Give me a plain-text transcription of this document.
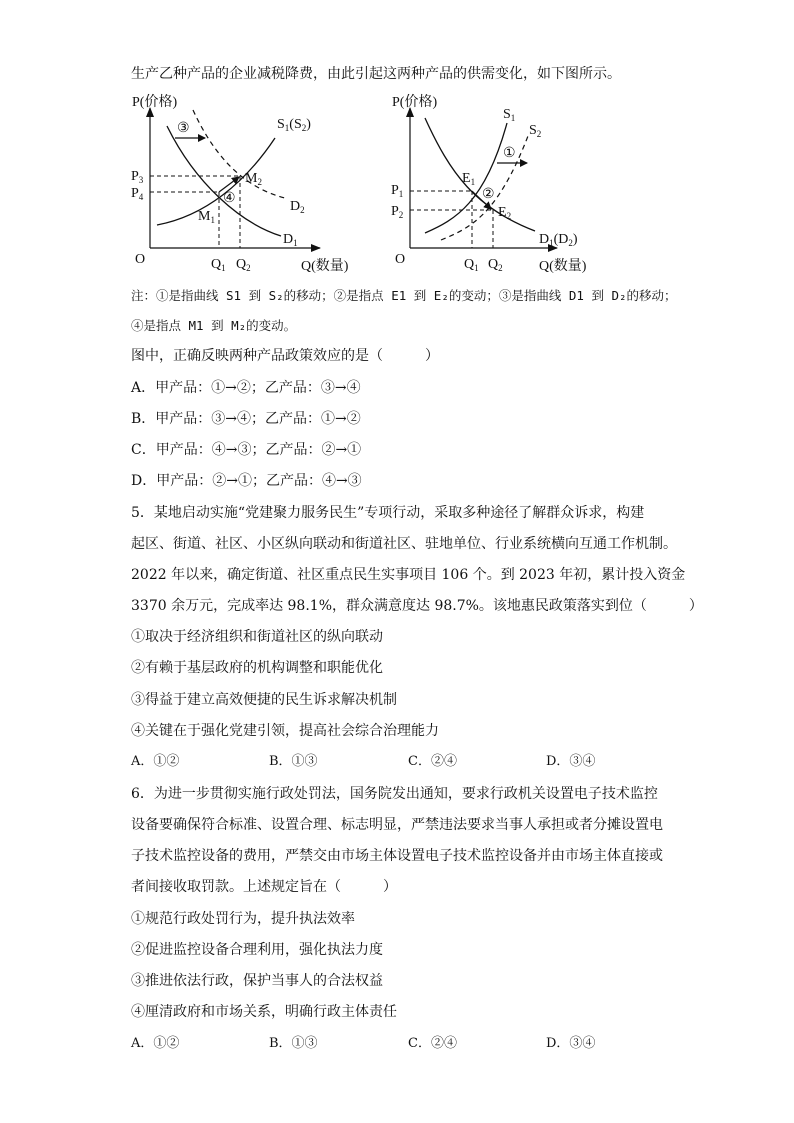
生产乙种产品的企业减税降费，由此引起这两种产品的供需变化，如下图所示。
P(价格)
Q(数量)
O
$S_1(S_2)$
$D_1$
$D_2$
③
④
$P_3$
$P_4$
$M_1$
$M_2$
$Q_1$ $Q_2$
P(价格)
Q(数量)
O
$D_1(D_2)$
$S_1$
$S_2$
①
②
$P_1$
$P_2$
$E_1$
$E_2$
$Q_1$ $Q_2$
注：①是指曲线 S1 到 S₂的移动；②是指点 E1 到 E₂的变动；③是指曲线 D1 到 D₂的移动；
④是指点 M1 到 M₂的变动。
图中，正确反映两种产品政策效应的是（　　　）
A．甲产品：①→②；乙产品：③→④
B．甲产品：③→④；乙产品：①→②
C．甲产品：④→③；乙产品：②→①
D．甲产品：②→①；乙产品：④→③
5．某地启动实施“党建聚力服务民生”专项行动，采取多种途径了解群众诉求，构建
起区、街道、社区、小区纵向联动和街道社区、驻地单位、行业系统横向互通工作机制。
2022 年以来，确定街道、社区重点民生实事项目 106 个。到 2023 年初，累计投入资金
3370 余万元，完成率达 98.1%，群众满意度达 98.7%。该地惠民政策落实到位（　　　）
①取决于经济组织和街道社区的纵向联动
②有赖于基层政府的机构调整和职能优化
③得益于建立高效便捷的民生诉求解决机制
④关键在于强化党建引领，提高社会综合治理能力
A．①②	B．①③	C．②④	D．③④
6．为进一步贯彻实施行政处罚法，国务院发出通知，要求行政机关设置电子技术监控
设备要确保符合标准、设置合理、标志明显，严禁违法要求当事人承担或者分摊设置电
子技术监控设备的费用，严禁交由市场主体设置电子技术监控设备并由市场主体直接或
者间接收取罚款。上述规定旨在（　　　）
①规范行政处罚行为，提升执法效率
②促进监控设备合理利用，强化执法力度
③推进依法行政，保护当事人的合法权益
④厘清政府和市场关系，明确行政主体责任
A．①②	B．①③	C．②④	D．③④
